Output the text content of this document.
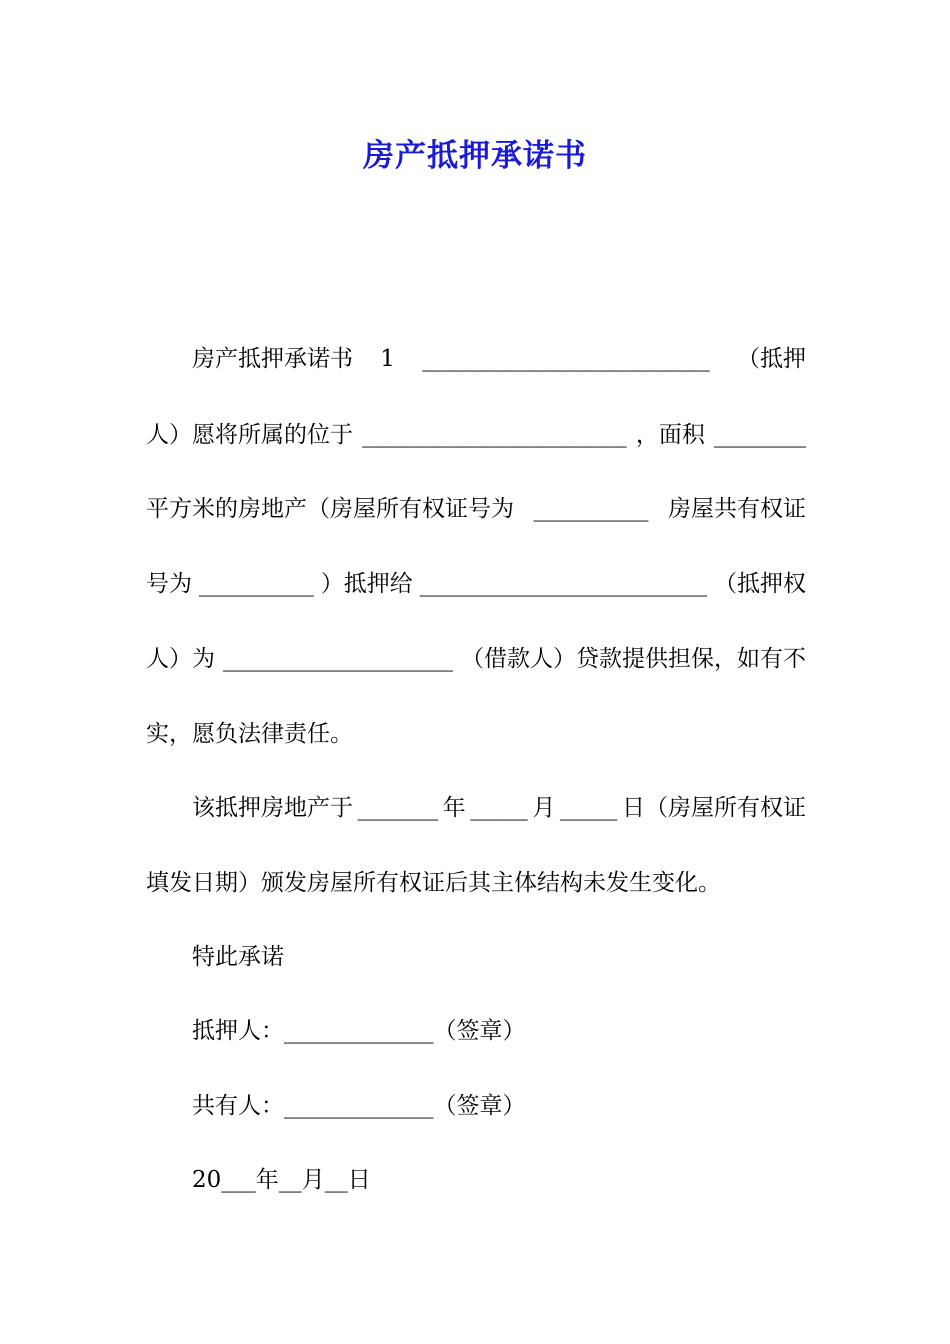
房产抵押承诺书
房产抵押承诺书 1 _________________________ （抵押
人）愿将所属的位于 _______________________ ，面积 ________
平方米的房地产（房屋所有权证号为 __________ 房屋共有权证
号为 __________ ）抵押给 _________________________ （抵押权
人）为 ____________________ （借款人）贷款提供担保，如有不
实，愿负法律责任。
该抵押房地产于 _______ 年 _____ 月 _____ 日（房屋所有权证
填发日期）颁发房屋所有权证后其主体结构未发生变化。
特此承诺
抵押人： _____________ （签章）
共有人： _____________ （签章）
20 ___ 年 __ 月 __ 日
